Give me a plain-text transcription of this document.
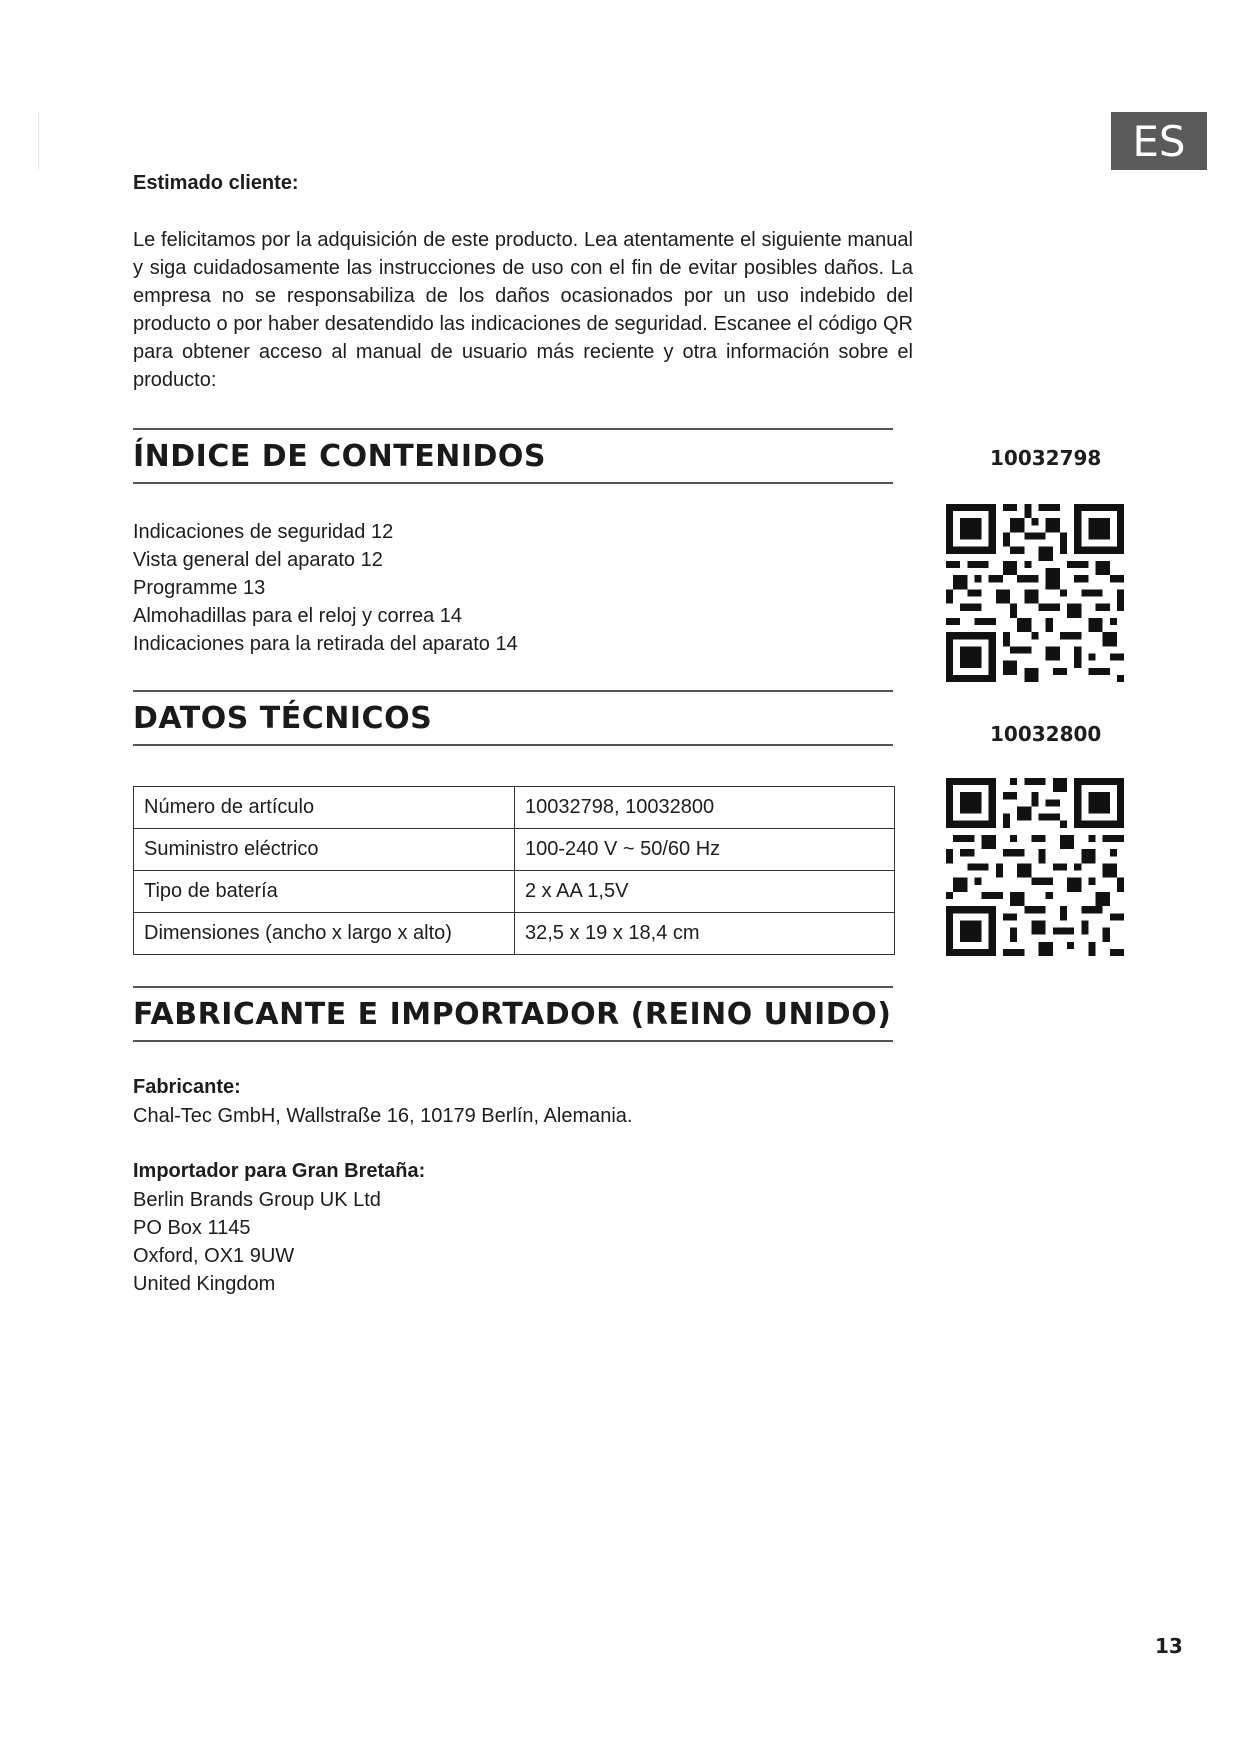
ES
Estimado cliente:

Le felicitamos por la adquisición de este producto. Lea atentamente el siguiente manual y siga cuidadosamente las instrucciones de uso con el fin de evitar posibles daños. La empresa no se responsabiliza de los daños ocasionados por un uso indebido del producto o por haber desatendido las indicaciones de seguridad. Escanee el código QR para obtener acceso al manual de usuario más reciente y otra información sobre el producto:

ÍNDICE DE CONTENIDOS
Indicaciones de seguridad 12
Vista general del aparato 12
Programme 13
Almohadillas para el reloj y correa 14
Indicaciones para la retirada del aparato 14
DATOS TÉCNICOS
Número de artículo	10032798, 10032800
Suministro eléctrico	100-240 V ~ 50/60 Hz
Tipo de batería	2 x AA 1,5V
Dimensiones (ancho x largo x alto)	32,5 x 19 x 18,4 cm
FABRICANTE E IMPORTADOR (REINO UNIDO)
Fabricante:
Chal-Tec GmbH, Wallstraße 16, 10179 Berlín, Alemania.
Importador para Gran Bretaña:
Berlin Brands Group UK Ltd
PO Box 1145
Oxford, OX1 9UW
United Kingdom
10032798
10032800
13
